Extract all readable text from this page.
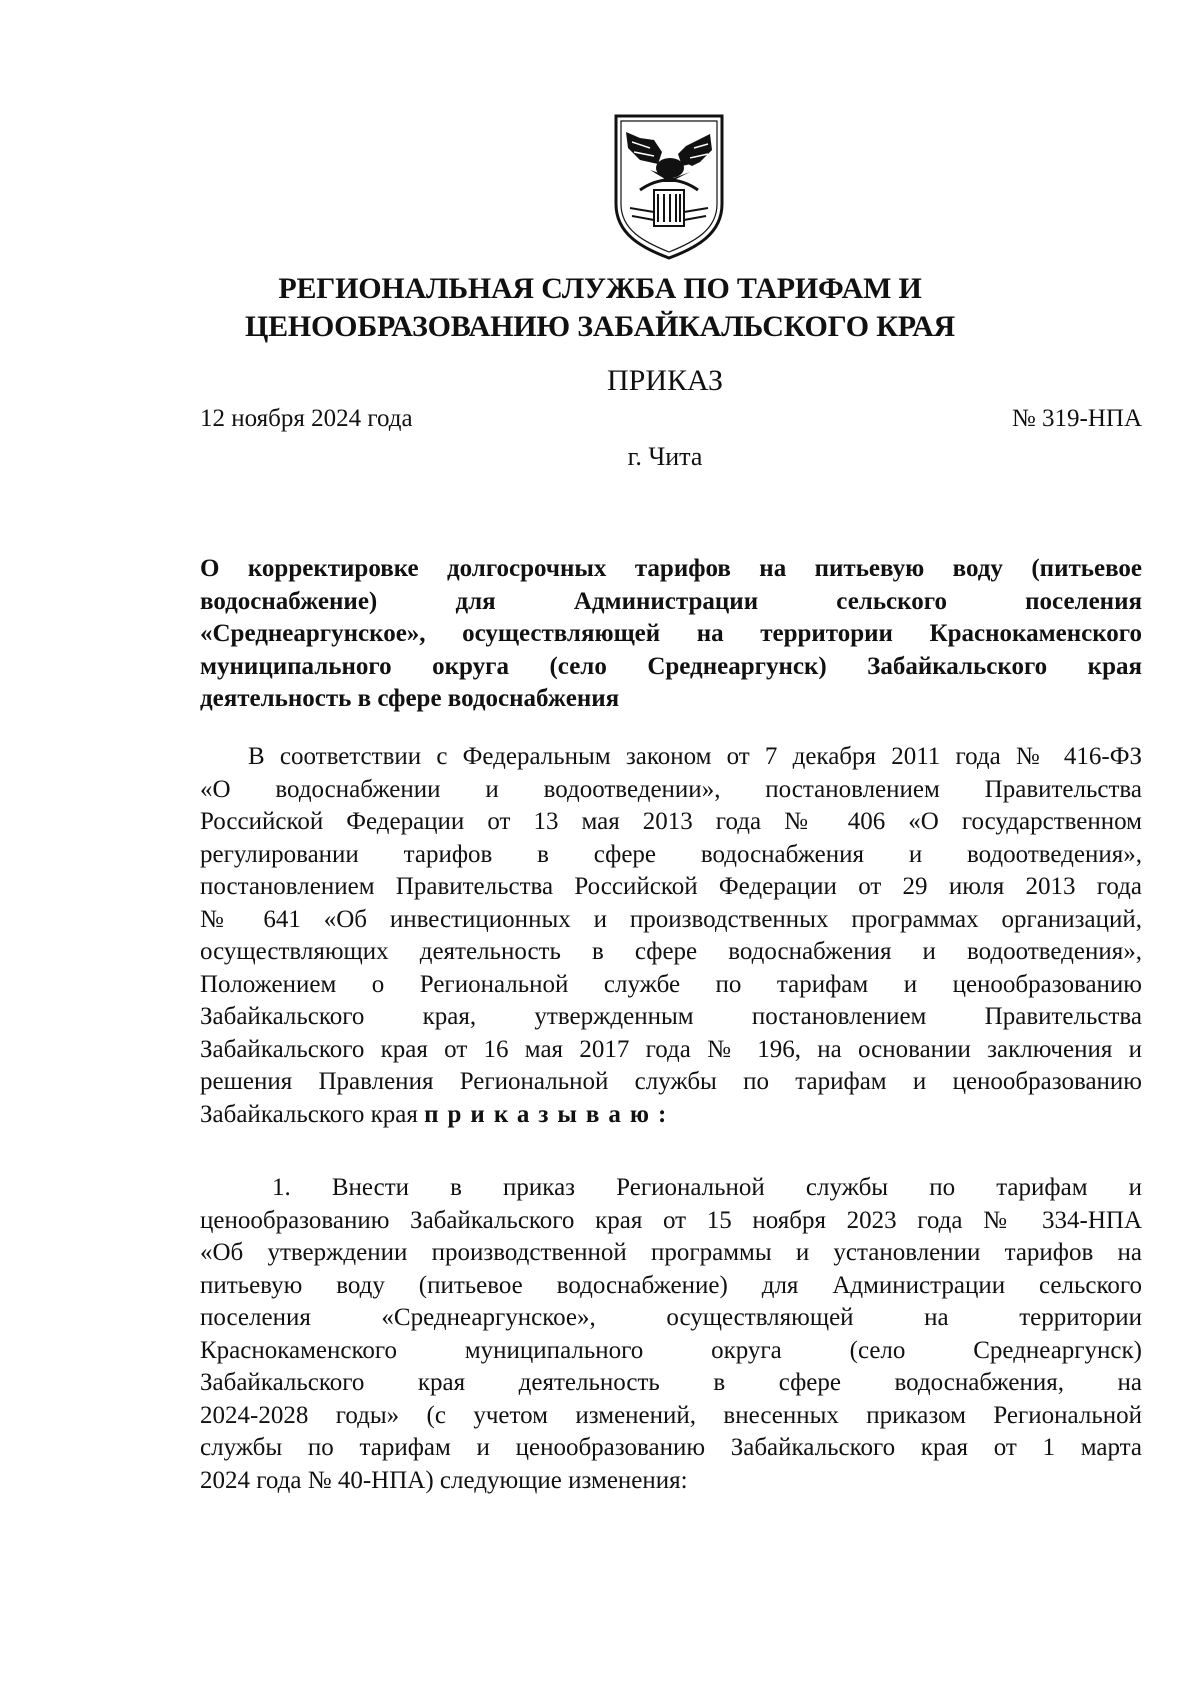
РЕГИОНАЛЬНАЯ СЛУЖБА ПО ТАРИФАМ И
ЦЕНООБРАЗОВАНИЮ ЗАБАЙКАЛЬСКОГО КРАЯ
ПРИКАЗ
12 ноября 2024 года	№ 319-НПА
г. Чита
О корректировке долгосрочных тарифов на питьевую воду (питьевое
водоснабжение) для Администрации сельского поселения
«Среднеаргунское», осуществляющей на территории Краснокаменского
муниципального округа (село Среднеаргунск) Забайкальского края
деятельность в сфере водоснабжения
В соответствии с Федеральным законом от 7 декабря 2011 года № 416-ФЗ
«О водоснабжении и водоотведении», постановлением Правительства
Российской Федерации от 13 мая 2013 года № 406 «О государственном
регулировании тарифов в сфере водоснабжения и водоотведения»,
постановлением Правительства Российской Федерации от 29 июля 2013 года
№ 641 «Об инвестиционных и производственных программах организаций,
осуществляющих деятельность в сфере водоснабжения и водоотведения»,
Положением о Региональной службе по тарифам и ценообразованию
Забайкальского края, утвержденным постановлением Правительства
Забайкальского края от 16 мая 2017 года № 196, на основании заключения и
решения Правления Региональной службы по тарифам и ценообразованию
Забайкальского края приказываю:
1. Внести в приказ Региональной службы по тарифам и
ценообразованию Забайкальского края от 15 ноября 2023 года № 334-НПА
«Об утверждении производственной программы и установлении тарифов на
питьевую воду (питьевое водоснабжение) для Администрации сельского
поселения «Среднеаргунское», осуществляющей на территории
Краснокаменского муниципального округа (село Среднеаргунск)
Забайкальского края деятельность в сфере водоснабжения, на
2024-2028 годы» (с учетом изменений, внесенных приказом Региональной
службы по тарифам и ценообразованию Забайкальского края от 1 марта
2024 года № 40-НПА) следующие изменения:
